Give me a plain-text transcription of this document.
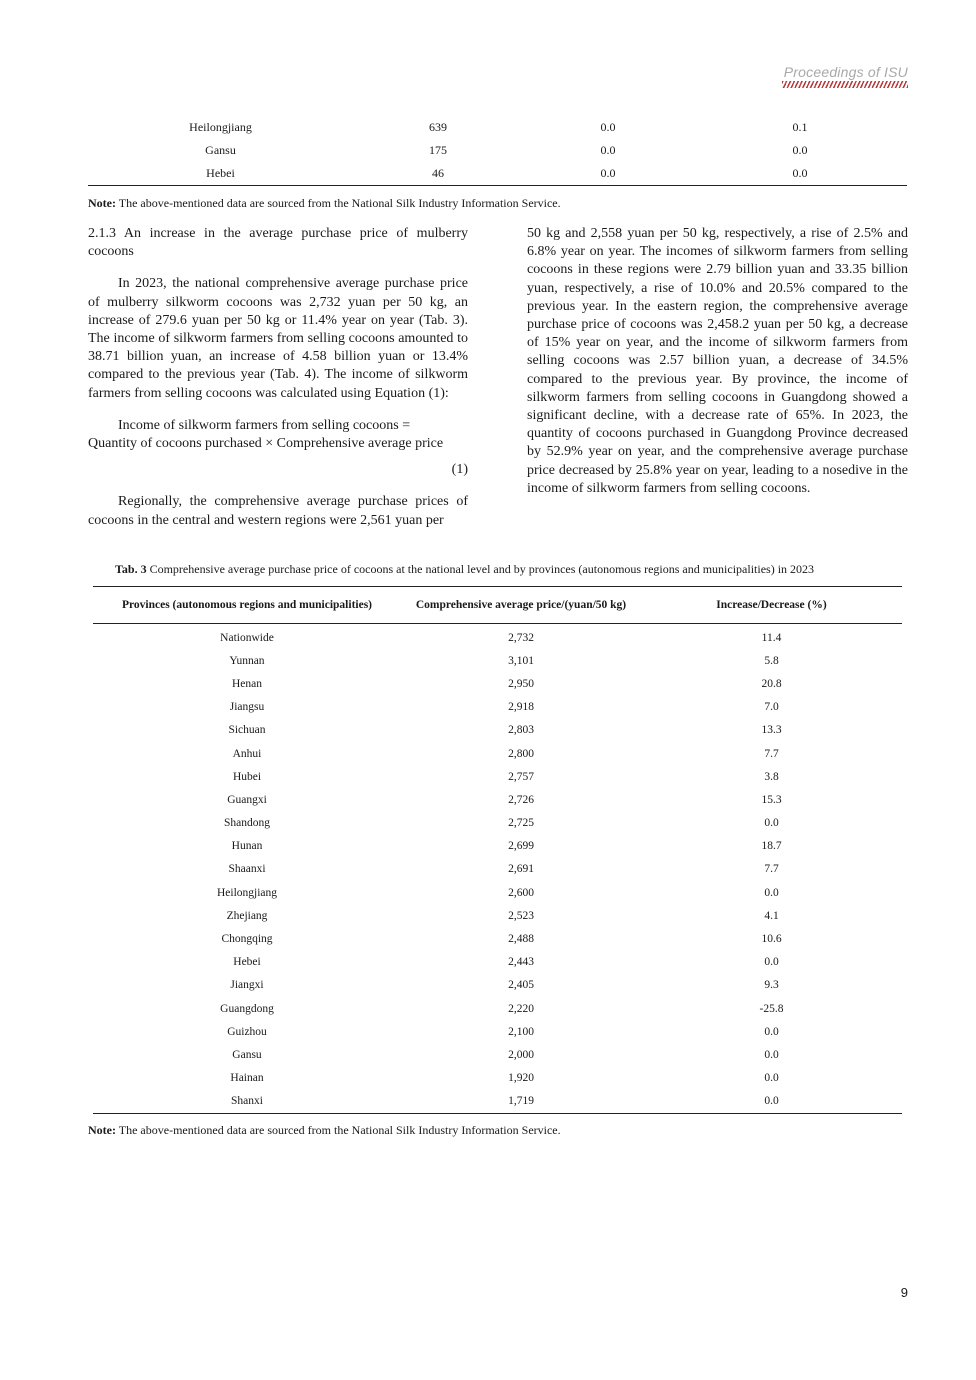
Proceedings of ISU
Heilongjiang	639	0.0	0.1
Gansu	175	0.0	0.0
Hebei	46	0.0	0.0
Note: The above-mentioned data are sourced from the National Silk Industry Information Service.

2.1.3 An increase in the average purchase price of mulberry cocoons

In 2023, the national comprehensive average purchase price of mulberry silkworm cocoons was 2,732 yuan per 50 kg, an increase of 279.6 yuan per 50 kg or 11.4% year on year (Tab. 3). The income of silkworm farmers from selling cocoons amounted to 38.71 billion yuan, an increase of 4.58 billion yuan or 13.4% compared to the previous year (Tab. 4). The income of silkworm farmers from selling cocoons was calculated using Equation (1):

Income of silkworm farmers from selling cocoons =

Quantity of cocoons purchased × Comprehensive average price

(1)

Regionally, the comprehensive average purchase prices of cocoons in the central and western regions were 2,561 yuan per

50 kg and 2,558 yuan per 50 kg, respectively, a rise of 2.5% and 6.8% year on year. The incomes of silkworm farmers from selling cocoons in these regions were 2.79 billion yuan and 33.35 billion yuan, respectively, a rise of 10.0% and 20.5% compared to the previous year. In the eastern region, the comprehensive average purchase price of cocoons was 2,458.2 yuan per 50 kg, a decrease of 15% year on year, and the income of silkworm farmers from selling cocoons was 2.57 billion yuan, a decrease of 34.5% compared to the previous year. By province, the income of silkworm farmers from selling cocoons in Guangdong showed a significant decline, with a decrease rate of 65%. In 2023, the quantity of cocoons purchased in Guangdong Province decreased by 52.9% year on year, and the comprehensive average purchase price decreased by 25.8% year on year, leading to a nosedive in the income of silkworm farmers from selling cocoons.

Tab. 3 Comprehensive average purchase price of cocoons at the national level and by provinces (autonomous regions and municipalities) in 2023
Provinces (autonomous regions and municipalities)	Comprehensive average price/(yuan/50 kg)	Increase/Decrease (%)
Nationwide	2,732	11.4
Yunnan	3,101	5.8
Henan	2,950	20.8
Jiangsu	2,918	7.0
Sichuan	2,803	13.3
Anhui	2,800	7.7
Hubei	2,757	3.8
Guangxi	2,726	15.3
Shandong	2,725	0.0
Hunan	2,699	18.7
Shaanxi	2,691	7.7
Heilongjiang	2,600	0.0
Zhejiang	2,523	4.1
Chongqing	2,488	10.6
Hebei	2,443	0.0
Jiangxi	2,405	9.3
Guangdong	2,220	-25.8
Guizhou	2,100	0.0
Gansu	2,000	0.0
Hainan	1,920	0.0
Shanxi	1,719	0.0
Note: The above-mentioned data are sourced from the National Silk Industry Information Service.
9
